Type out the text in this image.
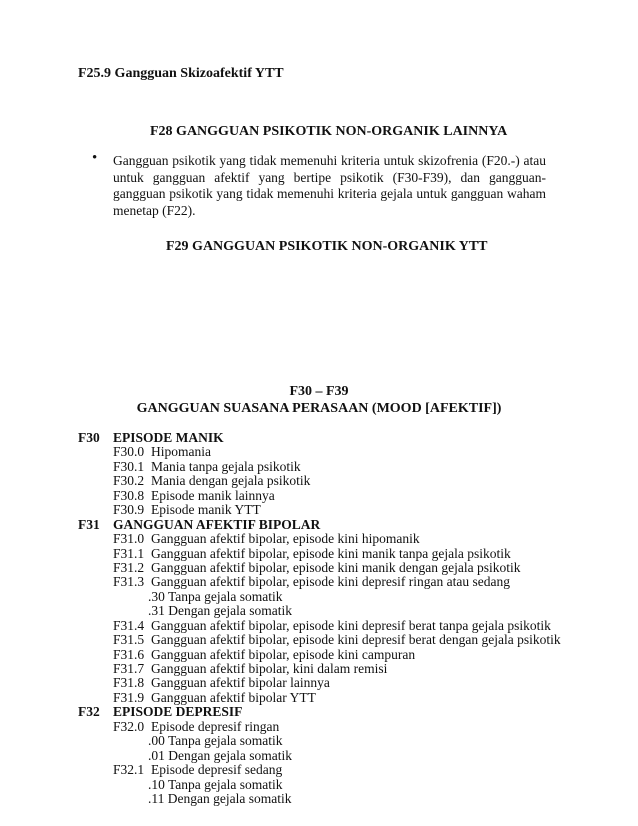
F25.9 Gangguan Skizoafektif YTT
F28 GANGGUAN PSIKOTIK NON-ORGANIK LAINNYA
• Gangguan psikotik yang tidak memenuhi kriteria untuk skizofrenia (F20.-) atau untuk gangguan afektif yang bertipe psikotik (F30-F39), dan gangguan-gangguan psikotik yang tidak memenuhi kriteria gejala untuk gangguan waham menetap (F22).
F29 GANGGUAN PSIKOTIK NON-ORGANIK YTT
F30 – F39
GANGGUAN SUASANA PERASAAN (MOOD [AFEKTIF])
F30 EPISODE MANIK
F30.0 Hipomania
F30.1 Mania tanpa gejala psikotik
F30.2 Mania dengan gejala psikotik
F30.8 Episode manik lainnya
F30.9 Episode manik YTT
F31 GANGGUAN AFEKTIF BIPOLAR
F31.0 Gangguan afektif bipolar, episode kini hipomanik
F31.1 Gangguan afektif bipolar, episode kini manik tanpa gejala psikotik
F31.2 Gangguan afektif bipolar, episode kini manik dengan gejala psikotik
F31.3 Gangguan afektif bipolar, episode kini depresif ringan atau sedang
.30 Tanpa gejala somatik
.31 Dengan gejala somatik
F31.4 Gangguan afektif bipolar, episode kini depresif berat tanpa gejala psikotik
F31.5 Gangguan afektif bipolar, episode kini depresif berat dengan gejala psikotik
F31.6 Gangguan afektif bipolar, episode kini campuran
F31.7 Gangguan afektif bipolar, kini dalam remisi
F31.8 Gangguan afektif bipolar lainnya
F31.9 Gangguan afektif bipolar YTT
F32 EPISODE DEPRESIF
F32.0 Episode depresif ringan
.00 Tanpa gejala somatik
.01 Dengan gejala somatik
F32.1 Episode depresif sedang
.10 Tanpa gejala somatik
.11 Dengan gejala somatik
